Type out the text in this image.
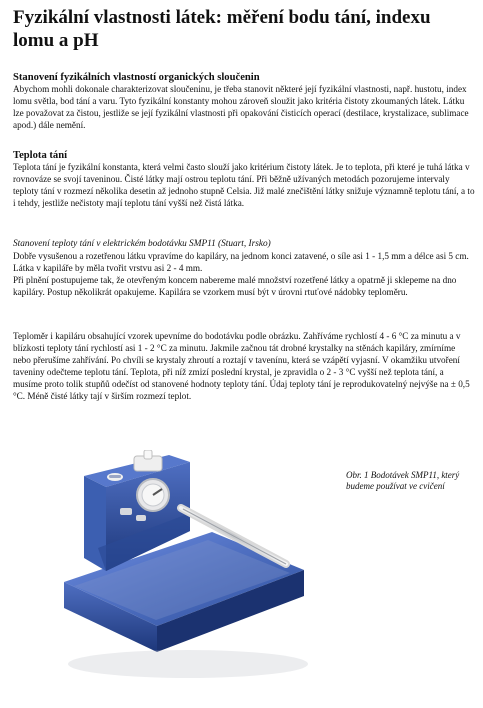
Fyzikální vlastnosti látek: měření bodu tání, indexu lomu a pH

Stanovení fyzikálních vlastností organických sloučenin

Abychom mohli dokonale charakterizovat sloučeninu, je třeba stanovit některé její fyzikální vlastnosti, např. hustotu, index lomu světla, bod tání a varu. Tyto fyzikální konstanty mohou zároveň sloužit jako kritéria čistoty zkoumaných látek. Látku lze považovat za čistou, jestliže se její fyzikální vlastnosti při opakování čisticích operací (destilace, krystalizace, sublimace apod.) dále nemění.

Teplota tání

Teplota tání je fyzikální konstanta, která velmi často slouží jako kritérium čistoty látek. Je to teplota, při které je tuhá látka v rovnováze se svojí taveninou. Čisté látky mají ostrou teplotu tání. Při běžně užívaných metodách pozorujeme intervaly teploty tání v rozmezí několika desetin až jednoho stupně Celsia. Již malé znečištění látky snižuje významně teplotu tání, a to i tehdy, jestliže nečistoty mají teplotu tání vyšší než čistá látka.

Stanovení teploty tání v elektrickém bodotávku SMP11 (Stuart, Irsko)

Dobře vysušenou a rozetřenou látku vpravíme do kapiláry, na jednom konci zatavené, o síle asi 1 - 1,5 mm a délce asi 5 cm. Látka v kapiláře by měla tvořit vrstvu asi 2 - 4 mm.

Při plnění postupujeme tak, že otevřeným koncem nabereme malé množství rozetřené látky a opatrně ji sklepeme na dno kapiláry. Postup několikrát opakujeme. Kapilára se vzorkem musí být v úrovni rtuťové nádobky teploměru.

Teploměr i kapiláru obsahující vzorek upevníme do bodotávku podle obrázku. Zahříváme rychlostí 4 - 6 °C za minutu a v blízkosti teploty tání rychlostí asi 1 - 2 °C za minutu. Jakmile začnou tát drobné krystalky na stěnách kapiláry, zmírníme nebo přerušíme zahřívání. Po chvíli se krystaly zhroutí a roztají v tavenínu, která se vzápětí vyjasní. V okamžiku utvoření taveniny odečteme teplotu tání. Teplota, při níž zmizí poslední krystal, je zpravidla o 2 - 3 °C vyšší než teplota tání, a musíme proto tolik stupňů odečíst od stanovené hodnoty teploty tání. Údaj teploty tání je reprodukovatelný nejvýše na ± 0,5 °C. Méně čisté látky tají v širším rozmezí teplot.

Obr. 1 Bodotávek SMP11, který budeme používat ve cvičení
